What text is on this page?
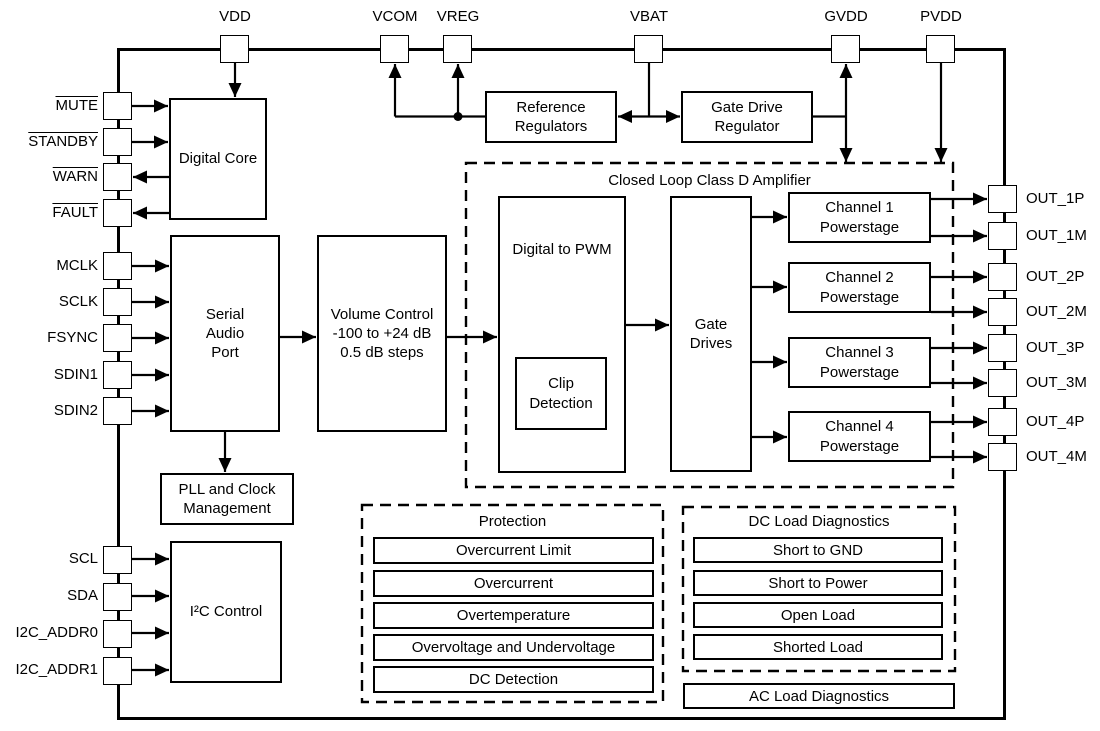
VDD	VCOM	VREG	VBAT	GVDD	PVDD
MUTE
STANDBY
WARN
FAULT
MCLK
SCLK
FSYNC
SDIN1
SDIN2
SCL
SDA
I2C_ADDR0
I2C_ADDR1
OUT_1P
OUT_1M
OUT_2P
OUT_2M
OUT_3P
OUT_3M
OUT_4P
OUT_4M
Digital Core
Serial
Audio
Port
Volume Control
-100 to +24 dB
0.5 dB steps
PLL and Clock
Management
I²C Control
Reference
Regulators
Gate Drive
Regulator
Digital to PWM
Clip
Detection
Gate
Drives
Channel 1
Powerstage
Channel 2
Powerstage
Channel 3
Powerstage
Channel 4
Powerstage
Closed Loop Class D Amplifier
Protection	DC Load Diagnostics
Overcurrent Limit
Overcurrent
Overtemperature
Overvoltage and Undervoltage
DC Detection
Short to GND
Short to Power
Open Load
Shorted Load
AC Load Diagnostics
